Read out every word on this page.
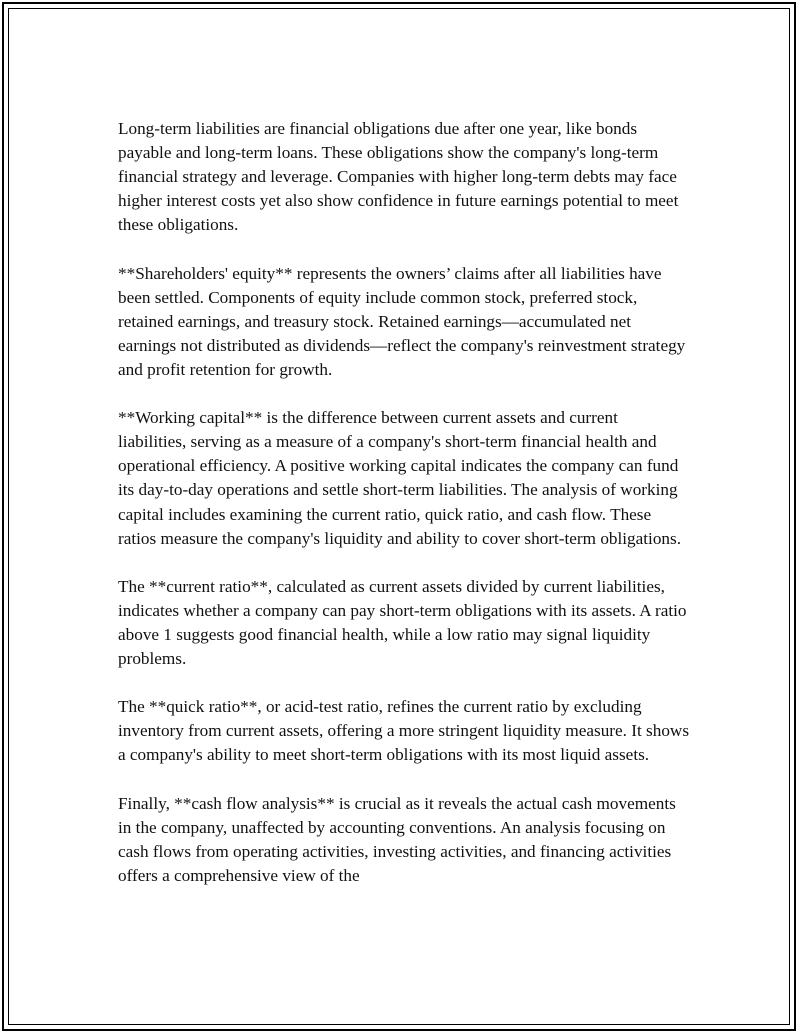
Long-term liabilities are financial obligations due after one year, like bonds payable and long-term loans. These obligations show the company's long-term financial strategy and leverage. Companies with higher long-term debts may face higher interest costs yet also show confidence in future earnings potential to meet these obligations.

**Shareholders' equity** represents the owners’ claims after all liabilities have been settled. Components of equity include common stock, preferred stock, retained earnings, and treasury stock. Retained earnings—accumulated net earnings not distributed as dividends—reflect the company's reinvestment strategy and profit retention for growth.

**Working capital** is the difference between current assets and current liabilities, serving as a measure of a company's short-term financial health and operational efficiency. A positive working capital indicates the company can fund its day-to-day operations and settle short-term liabilities. The analysis of working capital includes examining the current ratio, quick ratio, and cash flow. These ratios measure the company's liquidity and ability to cover short-term obligations.

The **current ratio**, calculated as current assets divided by current liabilities, indicates whether a company can pay short-term obligations with its assets. A ratio above 1 suggests good financial health, while a low ratio may signal liquidity problems.

The **quick ratio**, or acid-test ratio, refines the current ratio by excluding inventory from current assets, offering a more stringent liquidity measure. It shows a company's ability to meet short-term obligations with its most liquid assets.

Finally, **cash flow analysis** is crucial as it reveals the actual cash movements in the company, unaffected by accounting conventions. An analysis focusing on cash flows from operating activities, investing activities, and financing activities offers a comprehensive view of the
